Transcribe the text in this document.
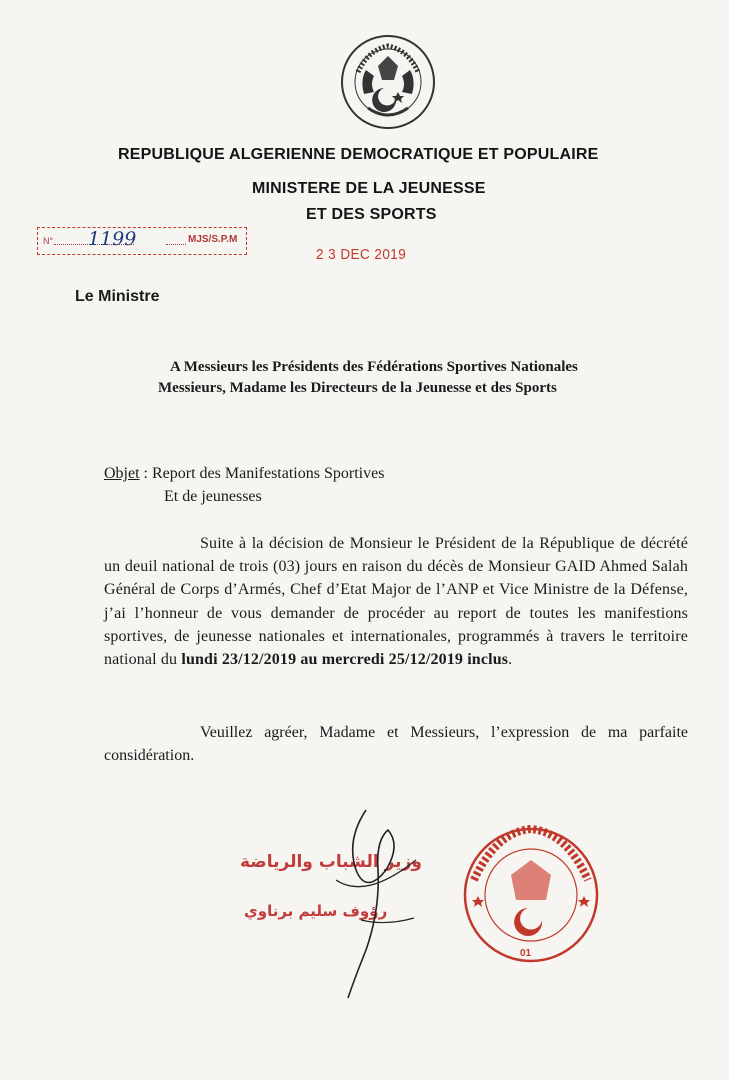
REPUBLIQUE ALGERIENNE DEMOCRATIQUE ET POPULAIRE
MINISTERE DE LA JEUNESSE
ET DES SPORTS
N° 1199	MJS/S.P.M
2 3 DEC 2019
Le Ministre
A Messieurs les Présidents des Fédérations Sportives Nationales
Messieurs, Madame les Directeurs de la Jeunesse et des Sports
Objet : Report des Manifestations Sportives
Et de jeunesses

Suite à la décision de Monsieur le Président de la République de décrété un deuil national de trois (03) jours en raison du décès de Monsieur GAID Ahmed Salah Général de Corps d’Armés, Chef d’Etat Major de l’ANP et Vice Ministre de la Défense, j’ai l’honneur de vous demander de procéder au report de toutes les manifestions sportives, de jeunesse nationales et internationales, programmés à travers le territoire national du lundi 23/12/2019 au mercredi 25/12/2019 inclus.

Veuillez agréer, Madame et Messieurs, l’expression de ma parfaite considération.

وزير الشباب والرياضة
رؤوف سليم برناوي
01
